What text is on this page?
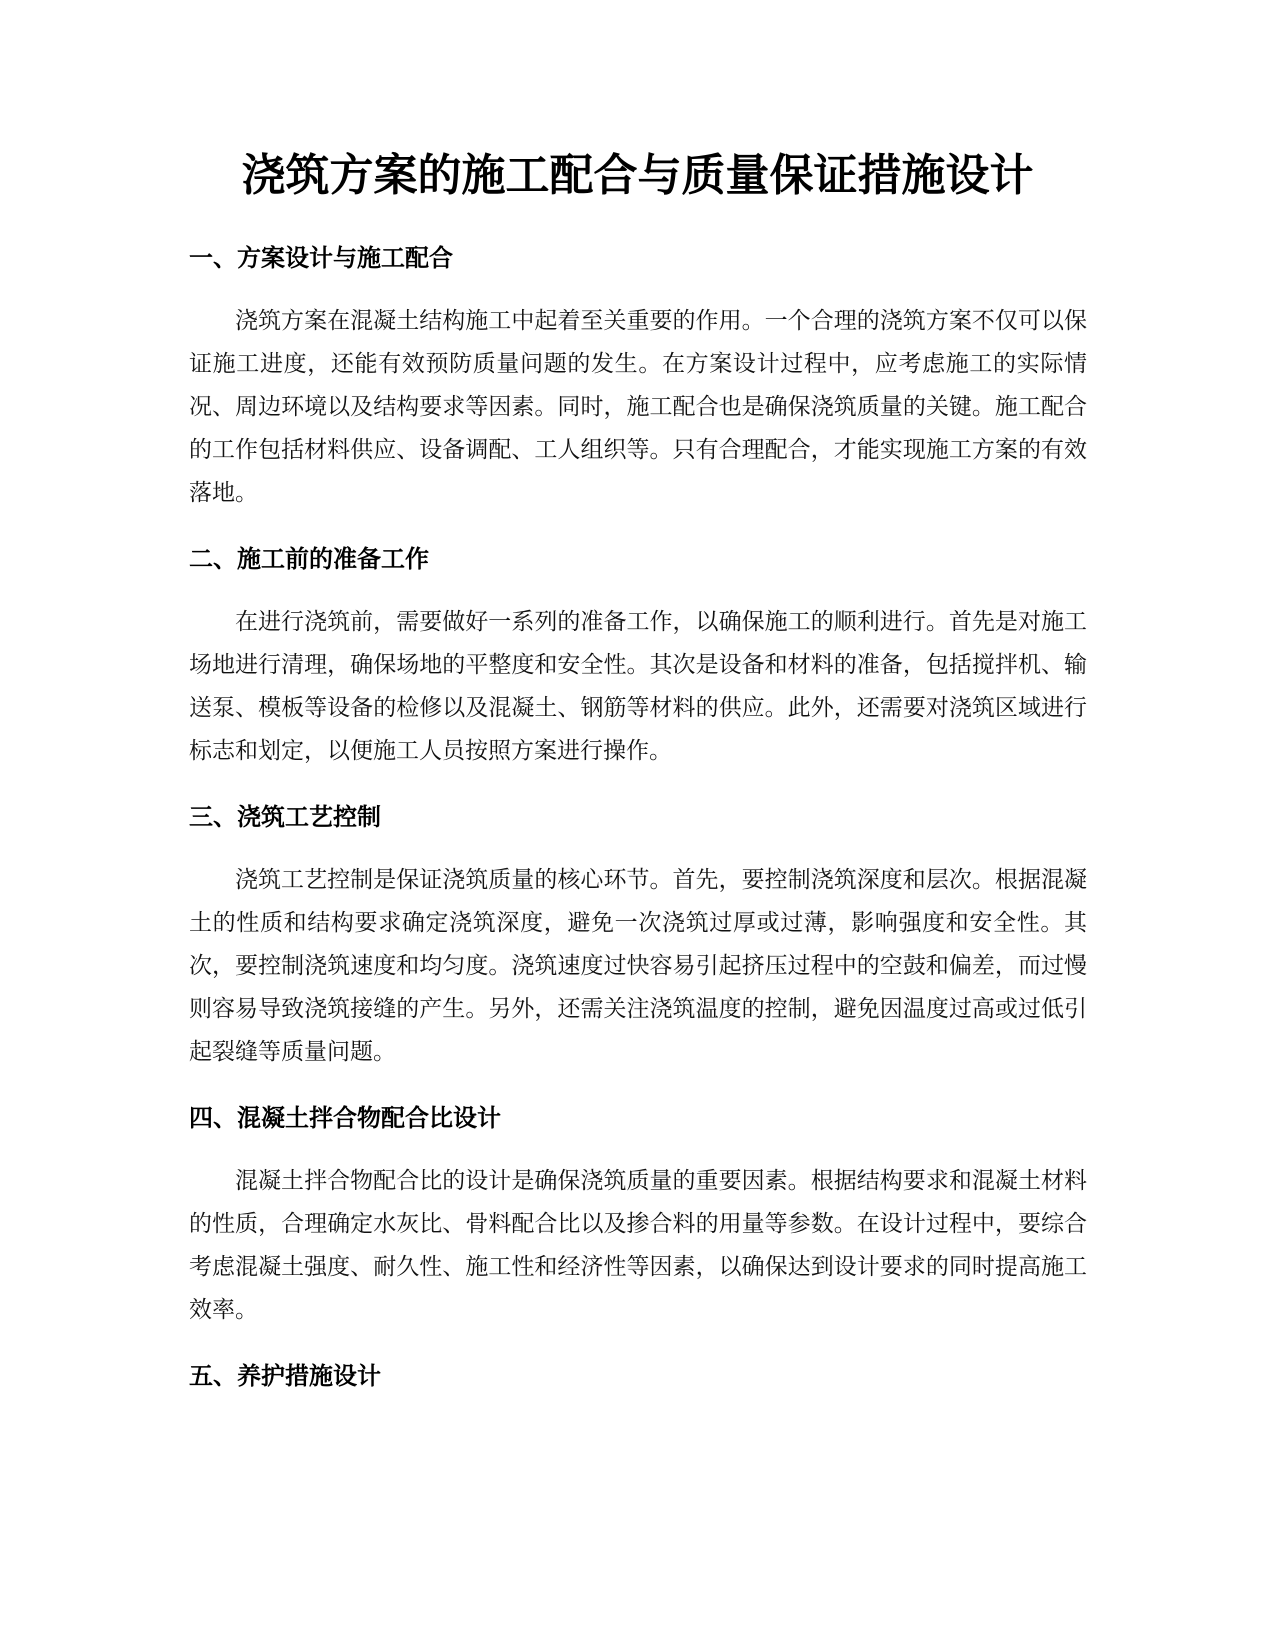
浇筑方案的施工配合与质量保证措施设计
一、方案设计与施工配合

浇筑方案在混凝土结构施工中起着至关重要的作用。一个合理的浇筑方案不仅可以保证施工进度，还能有效预防质量问题的发生。在方案设计过程中，应考虑施工的实际情况、周边环境以及结构要求等因素。同时，施工配合也是确保浇筑质量的关键。施工配合的工作包括材料供应、设备调配、工人组织等。只有合理配合，才能实现施工方案的有效落地。

二、施工前的准备工作

在进行浇筑前，需要做好一系列的准备工作，以确保施工的顺利进行。首先是对施工场地进行清理，确保场地的平整度和安全性。其次是设备和材料的准备，包括搅拌机、输送泵、模板等设备的检修以及混凝土、钢筋等材料的供应。此外，还需要对浇筑区域进行标志和划定，以便施工人员按照方案进行操作。

三、浇筑工艺控制

浇筑工艺控制是保证浇筑质量的核心环节。首先，要控制浇筑深度和层次。根据混凝土的性质和结构要求确定浇筑深度，避免一次浇筑过厚或过薄，影响强度和安全性。其次，要控制浇筑速度和均匀度。浇筑速度过快容易引起挤压过程中的空鼓和偏差，而过慢则容易导致浇筑接缝的产生。另外，还需关注浇筑温度的控制，避免因温度过高或过低引起裂缝等质量问题。

四、混凝土拌合物配合比设计

混凝土拌合物配合比的设计是确保浇筑质量的重要因素。根据结构要求和混凝土材料的性质，合理确定水灰比、骨料配合比以及掺合料的用量等参数。在设计过程中，要综合考虑混凝土强度、耐久性、施工性和经济性等因素，以确保达到设计要求的同时提高施工效率。

五、养护措施设计
